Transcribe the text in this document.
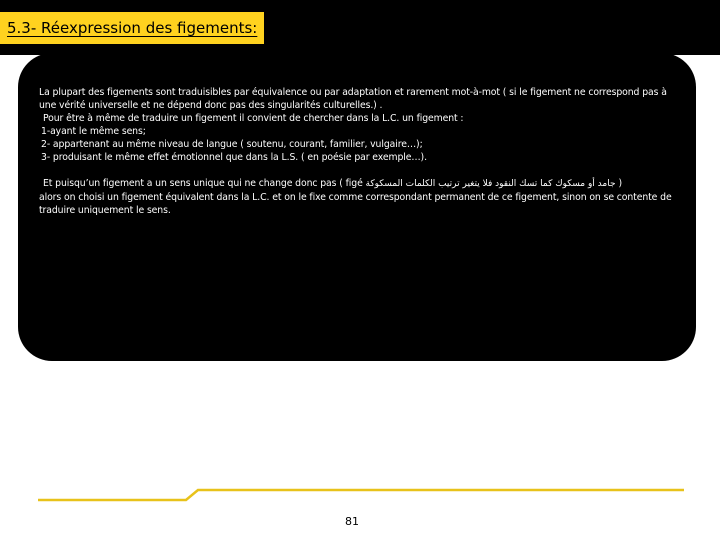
5.3- Réexpression des figements:

La plupart des figements sont traduisibles par équivalence ou par adaptation et rarement mot-à-mot ( si le figement ne correspond pas à une vérité universelle et ne dépend donc pas des singularités culturelles.) .

Pour être à même de traduire un figement il convient de chercher dans la L.C. un figement :

1-ayant le même sens;

2- appartenant au même niveau de langue ( soutenu, courant, familier, vulgaire…);

3- produisant le même effet émotionnel que dans la L.S. ( en poésie par exemple…).

Et puisqu’un figement a un sens unique qui ne change donc pas ( figé جامد أو مسكوك كما تسك النقود فلا يتغير ترتيب الكلمات المسكوكة )

alors on choisi un figement équivalent dans la L.C. et on le fixe comme correspondant permanent de ce figement, sinon on se contente de traduire uniquement le sens.

81
